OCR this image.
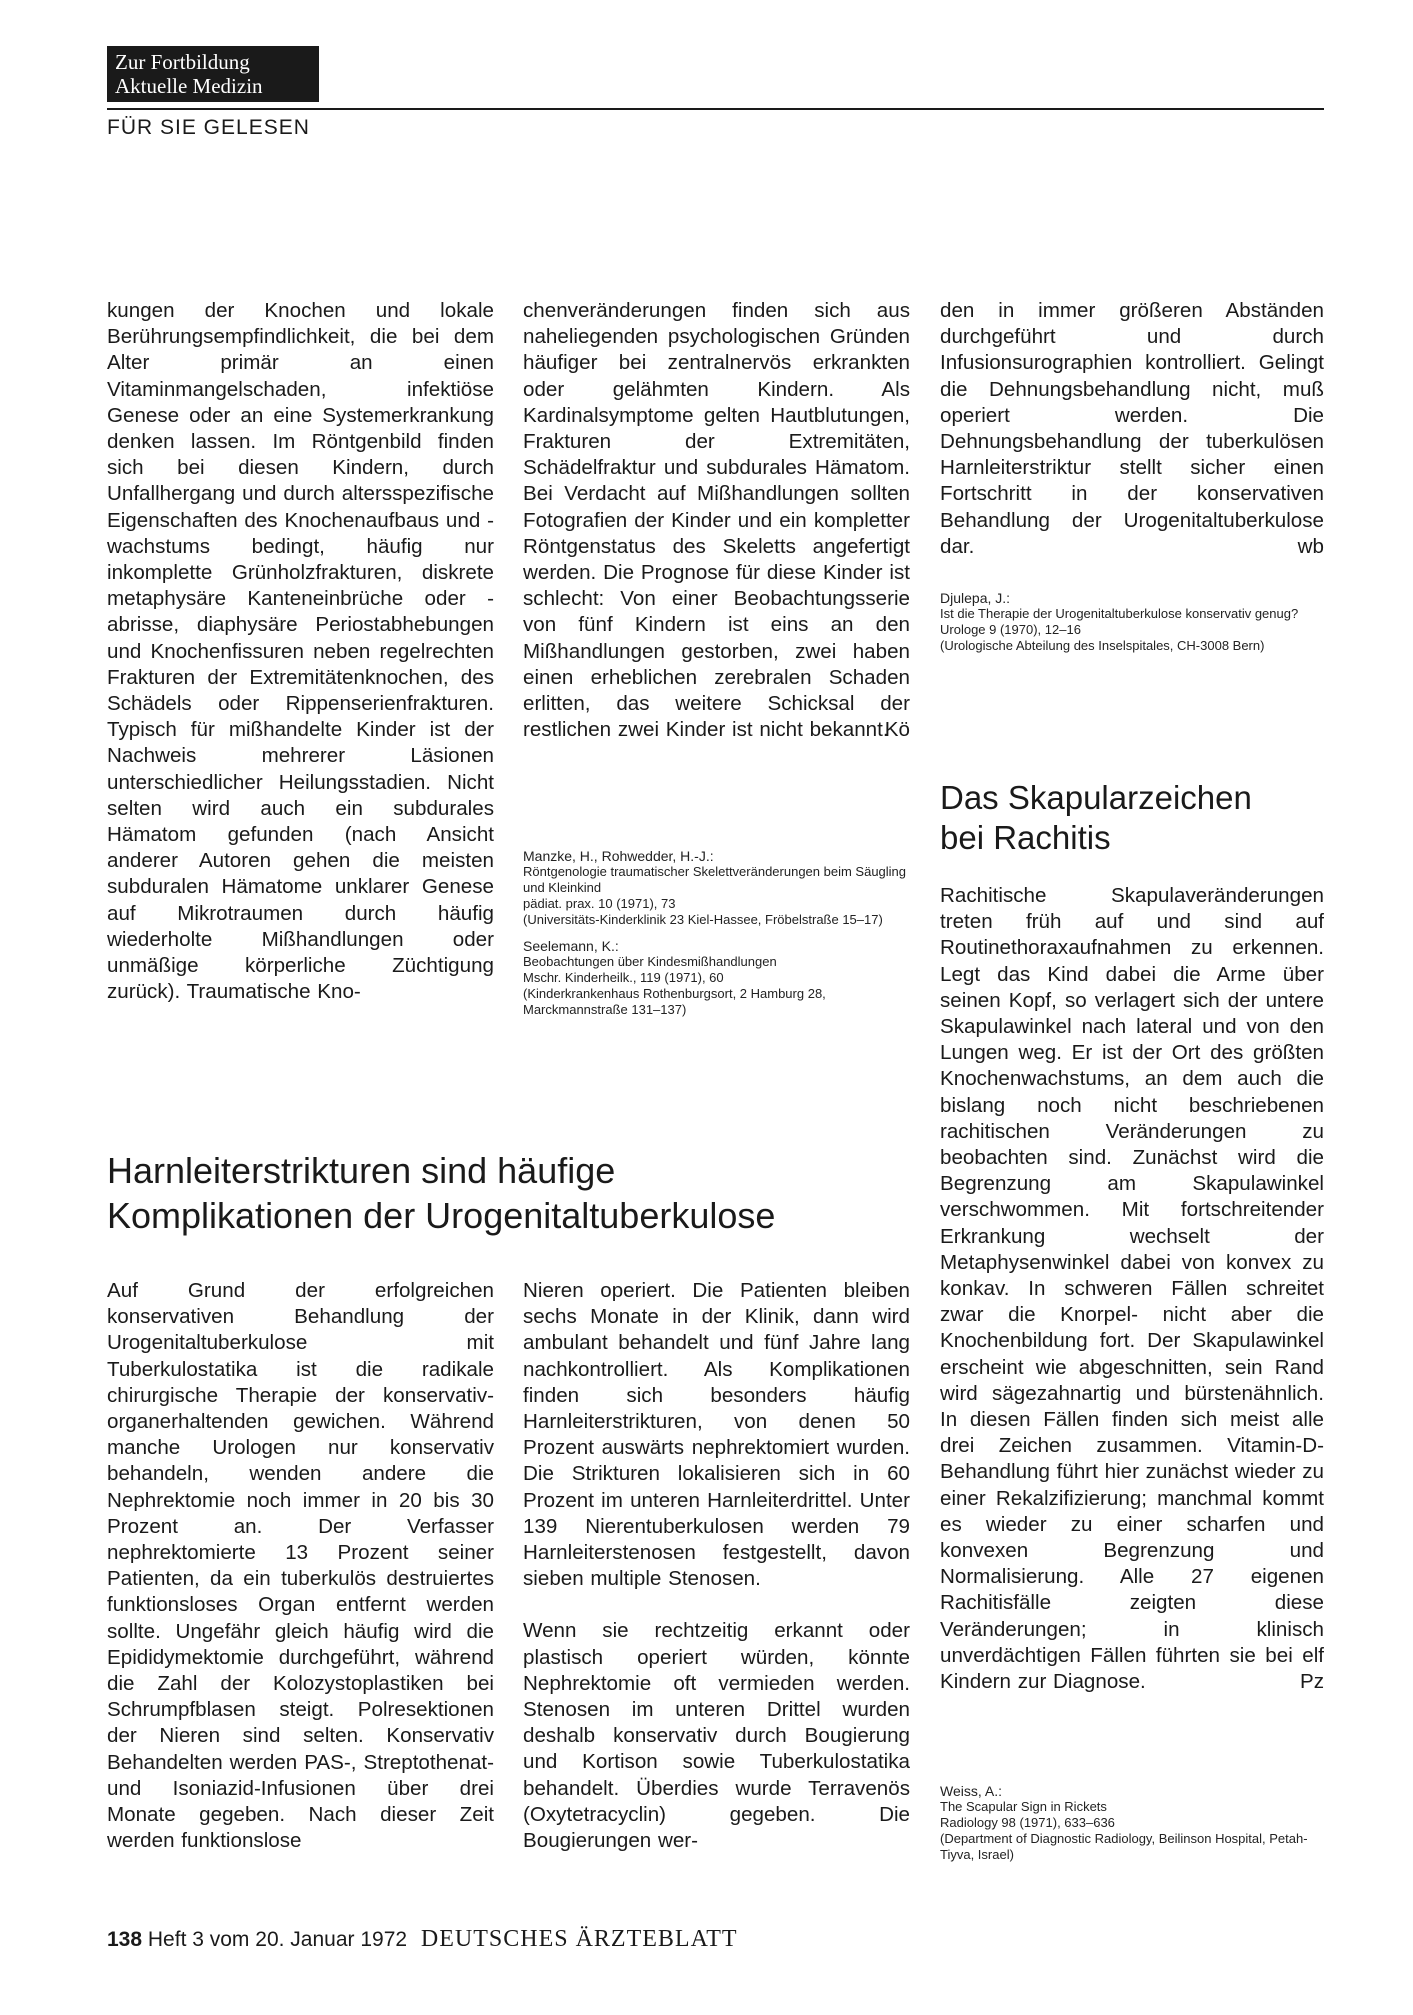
Zur Fortbildung
Aktuelle Medizin
FÜR SIE GELESEN

kungen der Knochen und lokale Berührungsempfindlichkeit, die bei dem Alter primär an einen Vitaminmangelschaden, infektiöse Genese oder an eine Systemerkrankung denken lassen. Im Röntgenbild finden sich bei diesen Kindern, durch Unfallhergang und durch altersspezifische Eigenschaften des Knochenaufbaus und -wachstums bedingt, häufig nur inkomplette Grünholzfrakturen, diskrete metaphysäre Kanteneinbrüche oder -abrisse, diaphysäre Periostabhebungen und Knochenfissuren neben regelrechten Frakturen der Extremitätenknochen, des Schädels oder Rippenserienfrakturen. Typisch für mißhandelte Kinder ist der Nachweis mehrerer Läsionen unterschiedlicher Heilungsstadien. Nicht selten wird auch ein subdurales Hämatom gefunden (nach Ansicht anderer Autoren gehen die meisten subduralen Hämatome unklarer Genese auf Mikrotraumen durch häufig wiederholte Mißhandlungen oder unmäßige körperliche Züchtigung zurück). Traumatische Kno-

chenveränderungen finden sich aus naheliegenden psychologischen Gründen häufiger bei zentralnervös erkrankten oder gelähmten Kindern. Als Kardinalsymptome gelten Hautblutungen, Frakturen der Extremitäten, Schädelfraktur und subdurales Hämatom. Bei Verdacht auf Mißhandlungen sollten Fotografien der Kinder und ein kompletter Röntgenstatus des Skeletts angefertigt werden. Die Prognose für diese Kinder ist schlecht: Von einer Beobachtungsserie von fünf Kindern ist eins an den Mißhandlungen gestorben, zwei haben einen erheblichen zerebralen Schaden erlitten, das weitere Schicksal der restlichen zwei Kinder ist nicht bekannt.

Kö

Manzke, H., Rohwedder, H.-J.:
Röntgenologie traumatischer Skelettveränderungen beim Säugling und Kleinkind
pädiat. prax. 10 (1971), 73
(Universitäts-Kinderklinik 23 Kiel-Hassee, Fröbelstraße 15–17)
Seelemann, K.:
Beobachtungen über Kindesmißhandlungen
Mschr. Kinderheilk., 119 (1971), 60
(Kinderkrankenhaus Rothenburgsort, 2 Hamburg 28, Marckmannstraße 131–137)
Harnleiterstrikturen sind häufige
Komplikationen der Urogenitaltuberkulose

Auf Grund der erfolgreichen konservativen Behandlung der Urogenitaltuberkulose mit Tuberkulostatika ist die radikale chirurgische Therapie der konservativ-organerhaltenden gewichen. Während manche Urologen nur konservativ behandeln, wenden andere die Nephrektomie noch immer in 20 bis 30 Prozent an. Der Verfasser nephrektomierte 13 Prozent seiner Patienten, da ein tuberkulös destruiertes funktionsloses Organ entfernt werden sollte. Ungefähr gleich häufig wird die Epididymektomie durchgeführt, während die Zahl der Kolozystoplastiken bei Schrumpfblasen steigt. Polresektionen der Nieren sind selten. Konservativ Behandelten werden PAS-, Streptothenat- und Isoniazid-Infusionen über drei Monate gegeben. Nach dieser Zeit werden funktionslose

Nieren operiert. Die Patienten bleiben sechs Monate in der Klinik, dann wird ambulant behandelt und fünf Jahre lang nachkontrolliert. Als Komplikationen finden sich besonders häufig Harnleiterstrikturen, von denen 50 Prozent auswärts nephrektomiert wurden. Die Strikturen lokalisieren sich in 60 Prozent im unteren Harnleiterdrittel. Unter 139 Nierentuberkulosen werden 79 Harnleiterstenosen festgestellt, davon sieben multiple Stenosen.

Wenn sie rechtzeitig erkannt oder plastisch operiert würden, könnte Nephrektomie oft vermieden werden. Stenosen im unteren Drittel wurden deshalb konservativ durch Bougierung und Kortison sowie Tuberkulostatika behandelt. Überdies wurde Terravenös (Oxytetracyclin) gegeben. Die Bougierungen wer-

den in immer größeren Abständen durchgeführt und durch Infusionsurographien kontrolliert. Gelingt die Dehnungsbehandlung nicht, muß operiert werden. Die Dehnungsbehandlung der tuberkulösen Harnleiterstriktur stellt sicher einen Fortschritt in der konservativen Behandlung der Urogenitaltuberkulose dar.	wb

Djulepa, J.:
Ist die Therapie der Urogenitaltuberkulose konservativ genug?
Urologe 9 (1970), 12–16
(Urologische Abteilung des Inselspitales, CH-3008 Bern)
Das Skapularzeichen
bei Rachitis

Rachitische Skapulaveränderungen treten früh auf und sind auf Routinethoraxaufnahmen zu erkennen. Legt das Kind dabei die Arme über seinen Kopf, so verlagert sich der untere Skapulawinkel nach lateral und von den Lungen weg. Er ist der Ort des größten Knochenwachstums, an dem auch die bislang noch nicht beschriebenen rachitischen Veränderungen zu beobachten sind. Zunächst wird die Begrenzung am Skapulawinkel verschwommen. Mit fortschreitender Erkrankung wechselt der Metaphysenwinkel dabei von konvex zu konkav. In schweren Fällen schreitet zwar die Knorpel- nicht aber die Knochenbildung fort. Der Skapulawinkel erscheint wie abgeschnitten, sein Rand wird sägezahnartig und bürstenähnlich. In diesen Fällen finden sich meist alle drei Zeichen zusammen. Vitamin-D-Behandlung führt hier zunächst wieder zu einer Rekalzifizierung; manchmal kommt es wieder zu einer scharfen und konvexen Begrenzung und Normalisierung. Alle 27 eigenen Rachitisfälle zeigten diese Veränderungen; in klinisch unverdächtigen Fällen führten sie bei elf Kindern zur Diagnose.	Pz

Weiss, A.:
The Scapular Sign in Rickets
Radiology 98 (1971), 633–636
(Department of Diagnostic Radiology, Beilinson Hospital, Petah-Tiyva, Israel)
138 Heft 3 vom 20. Januar 1972 DEUTSCHES ÄRZTEBLATT
